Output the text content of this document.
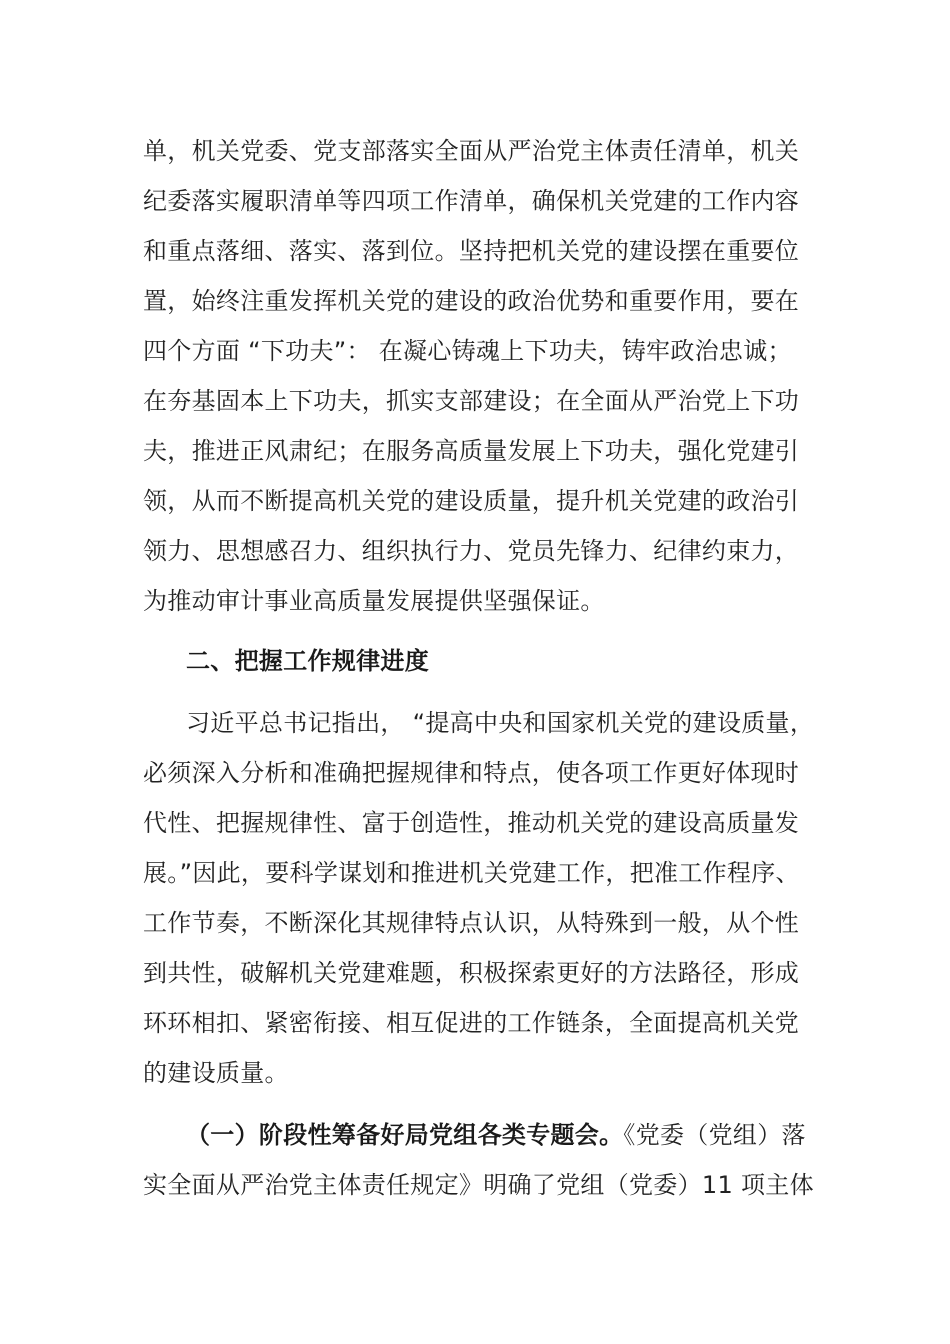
单，机关党委、党支部落实全面从严治党主体责任清单，机关
纪委落实履职清单等四项工作清单，确保机关党建的工作内容
和重点落细、落实、落到位。坚持把机关党的建设摆在重要位
置，始终注重发挥机关党的建设的政治优势和重要作用，要在
四个方面 “下功夫”： 在凝心铸魂上下功夫，铸牢政治忠诚；
在夯基固本上下功夫，抓实支部建设；在全面从严治党上下功
夫，推进正风肃纪；在服务高质量发展上下功夫，强化党建引
领，从而不断提高机关党的建设质量，提升机关党建的政治引
领力、思想感召力、组织执行力、党员先锋力、纪律约束力，
为推动审计事业高质量发展提供坚强保证。
二、把握工作规律进度
习近平总书记指出， “提高中央和国家机关党的建设质量，
必须深入分析和准确把握规律和特点，使各项工作更好体现时
代性、把握规律性、富于创造性，推动机关党的建设高质量发
展。”因此，要科学谋划和推进机关党建工作，把准工作程序、
工作节奏，不断深化其规律特点认识，从特殊到一般，从个性
到共性，破解机关党建难题，积极探索更好的方法路径，形成
环环相扣、紧密衔接、相互促进的工作链条，全面提高机关党
的建设质量。
（一）阶段性筹备好局党组各类专题会。《党委（党组）落
实全面从严治党主体责任规定》明确了党组（党委）11 项主体
